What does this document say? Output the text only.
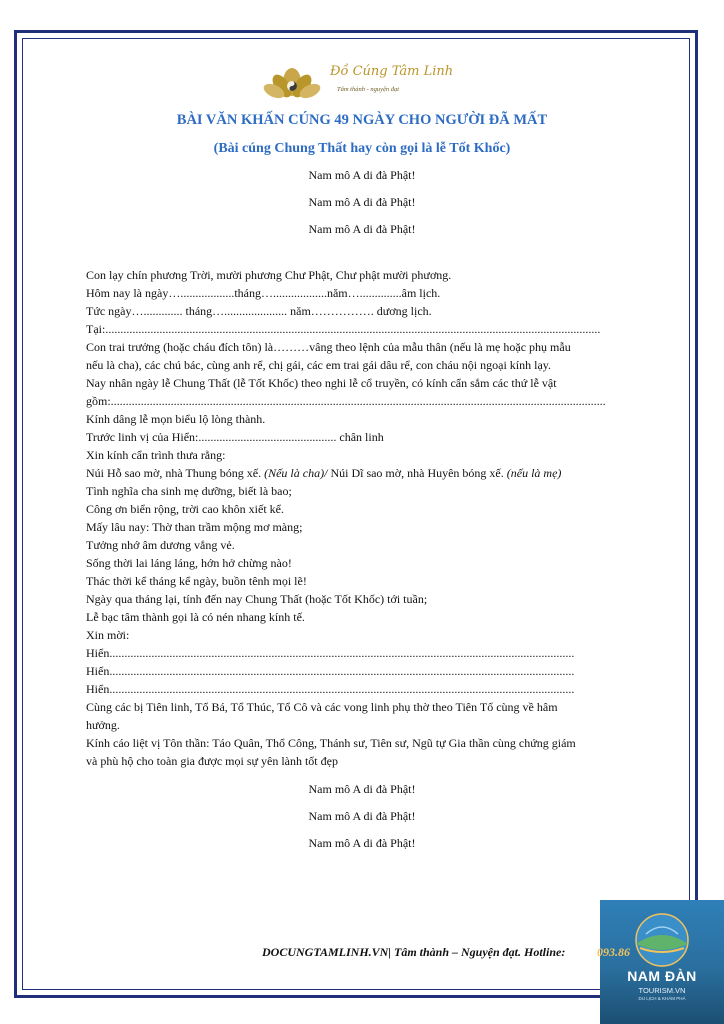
Đồ Cúng Tâm Linh
Tâm thành - nguyện đạt
BÀI VĂN KHẤN CÚNG 49 NGÀY CHO NGƯỜI ĐÃ MẤT
(Bài cúng Chung Thất hay còn gọi là lễ Tốt Khốc)
Nam mô A di đà Phật!
Nam mô A di đà Phật!
Nam mô A di đà Phật!
Con lạy chín phương Trời, mười phương Chư Phật, Chư phật mười phương.
Hôm nay là ngày…..................tháng…..................năm…..............âm lịch.
Tức ngày…............. tháng…..................... năm……………. dương lịch.
Tại:.....................................................................................................................................................................
Con trai trưởng (hoặc cháu đích tôn) là………vâng theo lệnh của mẫu thân (nếu là mẹ hoặc phụ mẫu
nếu là cha), các chú bác, cùng anh rể, chị gái, các em trai gái dâu rể, con cháu nội ngoại kính lạy.
Nay nhân ngày lễ Chung Thất (lễ Tốt Khốc) theo nghi lễ cổ truyền, có kính cẩn sắm các thứ lễ vật
gồm:.....................................................................................................................................................................
Kính dâng lễ mọn biểu lộ lòng thành.
Trước linh vị của Hiển:.............................................. chân linh
Xin kính cẩn trình thưa rằng:
Núi Hỗ sao mờ, nhà Thung bóng xế. (Nếu là cha)/ Núi Dĩ sao mờ, nhà Huyên bóng xế. (nếu là mẹ)
Tình nghĩa cha sinh mẹ dưỡng, biết là bao;
Công ơn biển rộng, trời cao khôn xiết kể.
Mấy lâu nay: Thờ than trầm mộng mơ màng;
Tưởng nhớ âm dương vắng vẻ.
Sống thời lai láng láng, hớn hở chừng nào!
Thác thời kể tháng kể ngày, buồn tênh mọi lẽ!
Ngày qua tháng lại, tính đến nay Chung Thất (hoặc Tốt Khốc) tới tuần;
Lễ bạc tâm thành gọi là có nén nhang kính tế.
Xin mời:
Hiển...........................................................................................................................................................
Hiển...........................................................................................................................................................
Hiển...........................................................................................................................................................
Cùng các bị Tiên linh, Tổ Bá, Tổ Thúc, Tổ Cô và các vong linh phụ thờ theo Tiên Tổ cùng về hâm
hưởng.
Kính cáo liệt vị Tôn thần: Táo Quân, Thổ Công, Thánh sư, Tiên sư, Ngũ tự Gia thần cùng chứng giám
và phù hộ cho toàn gia được mọi sự yên lành tốt đẹp
Nam mô A di đà Phật!
Nam mô A di đà Phật!
Nam mô A di đà Phật!
DOCUNGTAMLINH.VN| Tâm thành – Nguyện đạt. Hotline:
NAM ĐÀN
TOURISM.VN
DU LỊCH & KHÁM PHÁ
093.86
